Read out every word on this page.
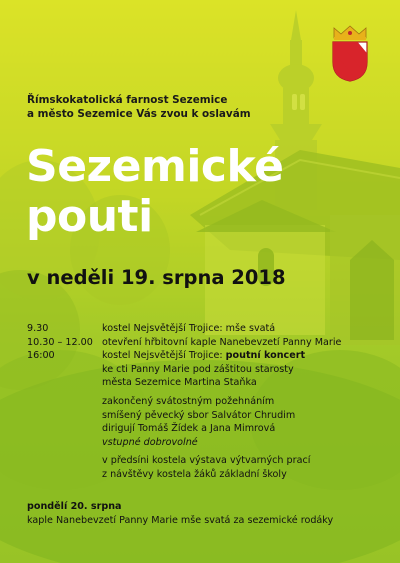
Římskokatolická farnost Sezemice
a město Sezemice Vás zvou k oslavám
Sezemické
pouti
v neděli 19. srpna 2018
9.30	kostel Nejsvětější Trojice: mše svatá
10.30 – 12.00 otevření hřbitovní kaple Nanebevzetí Panny Marie
16:00	kostel Nejsvětější Trojice: poutní koncert
ke cti Panny Marie pod záštitou starosty
města Sezemice Martina Staňka
zakončený svátostným požehnáním
smíšený pěvecký sbor Salvátor Chrudim
dirigují Tomáš Žídek a Jana Mimrová
vstupné dobrovolné
v předsíni kostela výstava výtvarných prací
z návštěvy kostela žáků základní školy
pondělí 20. srpna
kaple Nanebevzetí Panny Marie mše svatá za sezemické rodáky
